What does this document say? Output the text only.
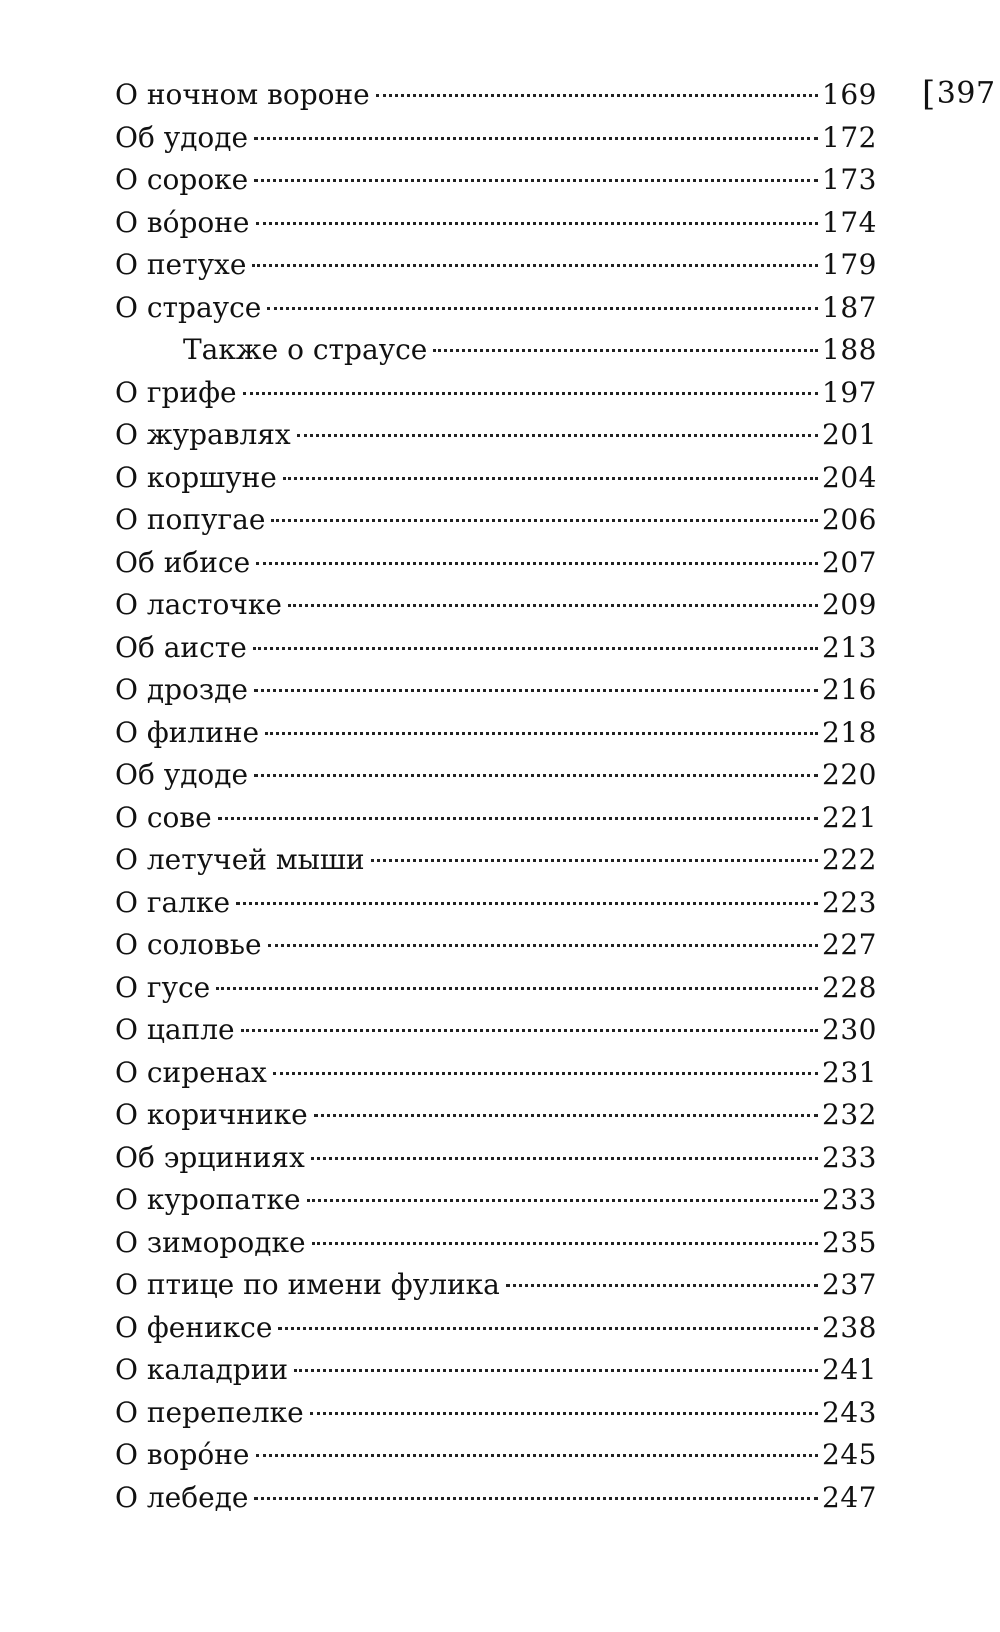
[397
О ночном вороне	169
Об удоде	172
О сороке	173
О вóроне	174
О петухе	179
О страусе	187
Также о страусе	188
О грифе	197
О журавлях	201
О коршуне	204
О попугае	206
Об ибисе	207
О ласточке	209
Об аисте	213
О дрозде	216
О филине	218
Об удоде	220
О сове	221
О летучей мыши	222
О галке	223
О соловье	227
О гусе	228
О цапле	230
О сиренах	231
О коричнике	232
Об эрциниях	233
О куропатке	233
О зимородке	235
О птице по имени фулика	237
О фениксе	238
О каладрии	241
О перепелке	243
О ворóне	245
О лебеде	247
